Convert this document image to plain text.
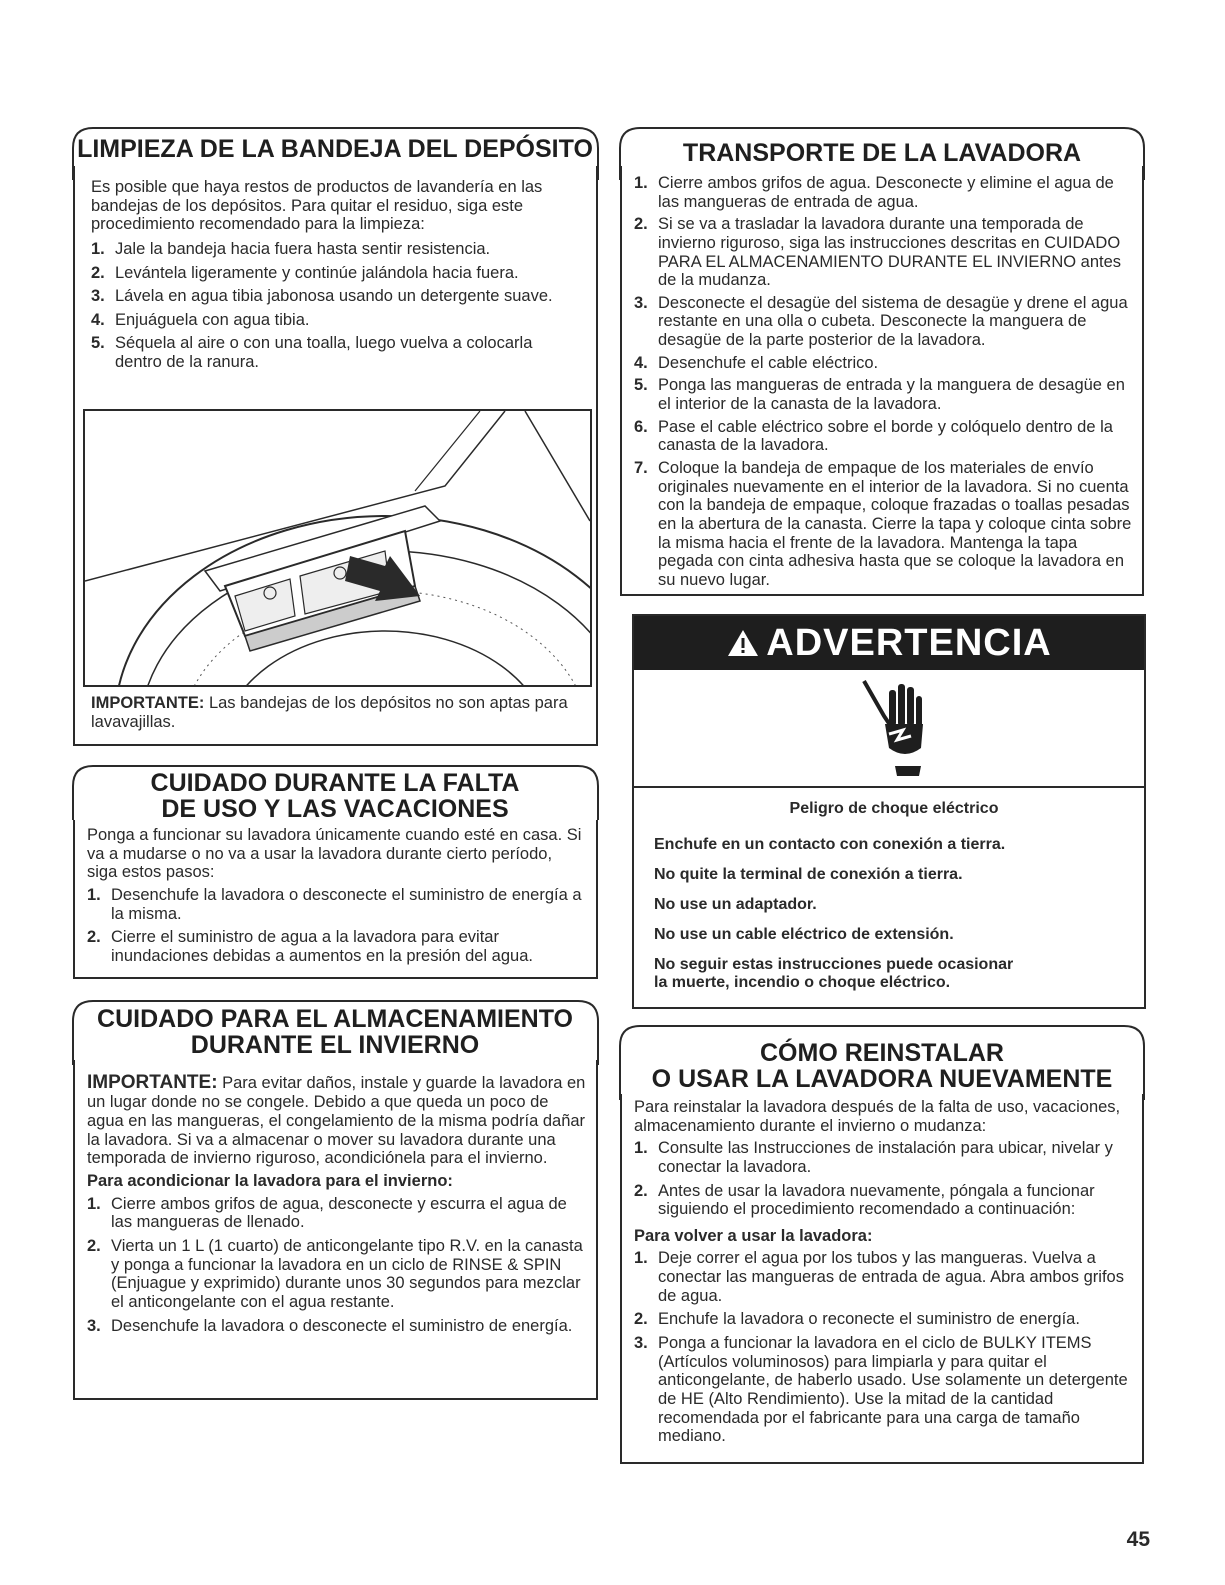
LIMPIEZA DE LA BANDEJA DEL DEPÓSITO

Es posible que haya restos de productos de lavandería en las bandejas de los depósitos. Para quitar el residuo, siga este procedimiento recomendado para la limpieza:

1. Jale la bandeja hacia fuera hasta sentir resistencia.
2. Levántela ligeramente y continúe jalándola hacia fuera.
3. Lávela en agua tibia jabonosa usando un detergente suave.
4. Enjuáguela con agua tibia.
5. Séquela al aire o con una toalla, luego vuelva a colocarla dentro de la ranura.

IMPORTANTE: Las bandejas de los depósitos no son aptas para lavavajillas.

CUIDADO DURANTE LA FALTA
DE USO Y LAS VACACIONES

Ponga a funcionar su lavadora únicamente cuando esté en casa. Si va a mudarse o no va a usar la lavadora durante cierto período, siga estos pasos:

1. Desenchufe la lavadora o desconecte el suministro de energía a la misma.
2. Cierre el suministro de agua a la lavadora para evitar inundaciones debidas a aumentos en la presión del agua.
CUIDADO PARA EL ALMACENAMIENTO
DURANTE EL INVIERNO

IMPORTANTE: Para evitar daños, instale y guarde la lavadora en un lugar donde no se congele. Debido a que queda un poco de agua en las mangueras, el congelamiento de la misma podría dañar la lavadora. Si va a almacenar o mover su lavadora durante una temporada de invierno riguroso, acondiciónela para el invierno.

Para acondicionar la lavadora para el invierno:

1. Cierre ambos grifos de agua, desconecte y escurra el agua de las mangueras de llenado.
2. Vierta un 1 L (1 cuarto) de anticongelante tipo R.V. en la canasta y ponga a funcionar la lavadora en un ciclo de RINSE & SPIN (Enjuague y exprimido) durante unos 30 segundos para mezclar el anticongelante con el agua restante.
3. Desenchufe la lavadora o desconecte el suministro de energía.
TRANSPORTE DE LA LAVADORA
1. Cierre ambos grifos de agua. Desconecte y elimine el agua de las mangueras de entrada de agua.
2. Si se va a trasladar la lavadora durante una temporada de invierno riguroso, siga las instrucciones descritas en CUIDADO PARA EL ALMACENAMIENTO DURANTE EL INVIERNO antes de la mudanza.
3. Desconecte el desagüe del sistema de desagüe y drene el agua restante en una olla o cubeta. Desconecte la manguera de desagüe de la parte posterior de la lavadora.
4. Desenchufe el cable eléctrico.
5. Ponga las mangueras de entrada y la manguera de desagüe en el interior de la canasta de la lavadora.
6. Pase el cable eléctrico sobre el borde y colóquelo dentro de la canasta de la lavadora.
7. Coloque la bandeja de empaque de los materiales de envío originales nuevamente en el interior de la lavadora. Si no cuenta con la bandeja de empaque, coloque frazadas o toallas pesadas en la abertura de la canasta. Cierre la tapa y coloque cinta sobre la misma hacia el frente de la lavadora. Mantenga la tapa pegada con cinta adhesiva hasta que se coloque la lavadora en su nuevo lugar.
ADVERTENCIA

Peligro de choque eléctrico

Enchufe en un contacto con conexión a tierra.

No quite la terminal de conexión a tierra.

No use un adaptador.

No use un cable eléctrico de extensión.

No seguir estas instrucciones puede ocasionar

la muerte, incendio o choque eléctrico.

CÓMO REINSTALAR
O USAR LA LAVADORA NUEVAMENTE

Para reinstalar la lavadora después de la falta de uso, vacaciones, almacenamiento durante el invierno o mudanza:

1. Consulte las Instrucciones de instalación para ubicar, nivelar y conectar la lavadora.
2. Antes de usar la lavadora nuevamente, póngala a funcionar siguiendo el procedimiento recomendado a continuación:

Para volver a usar la lavadora:

1. Deje correr el agua por los tubos y las mangueras. Vuelva a conectar las mangueras de entrada de agua. Abra ambos grifos de agua.
2. Enchufe la lavadora o reconecte el suministro de energía.
3. Ponga a funcionar la lavadora en el ciclo de BULKY ITEMS (Artículos voluminosos) para limpiarla y para quitar el anticongelante, de haberlo usado. Use solamente un detergente de HE (Alto Rendimiento). Use la mitad de la cantidad recomendada por el fabricante para una carga de tamaño mediano.
45
